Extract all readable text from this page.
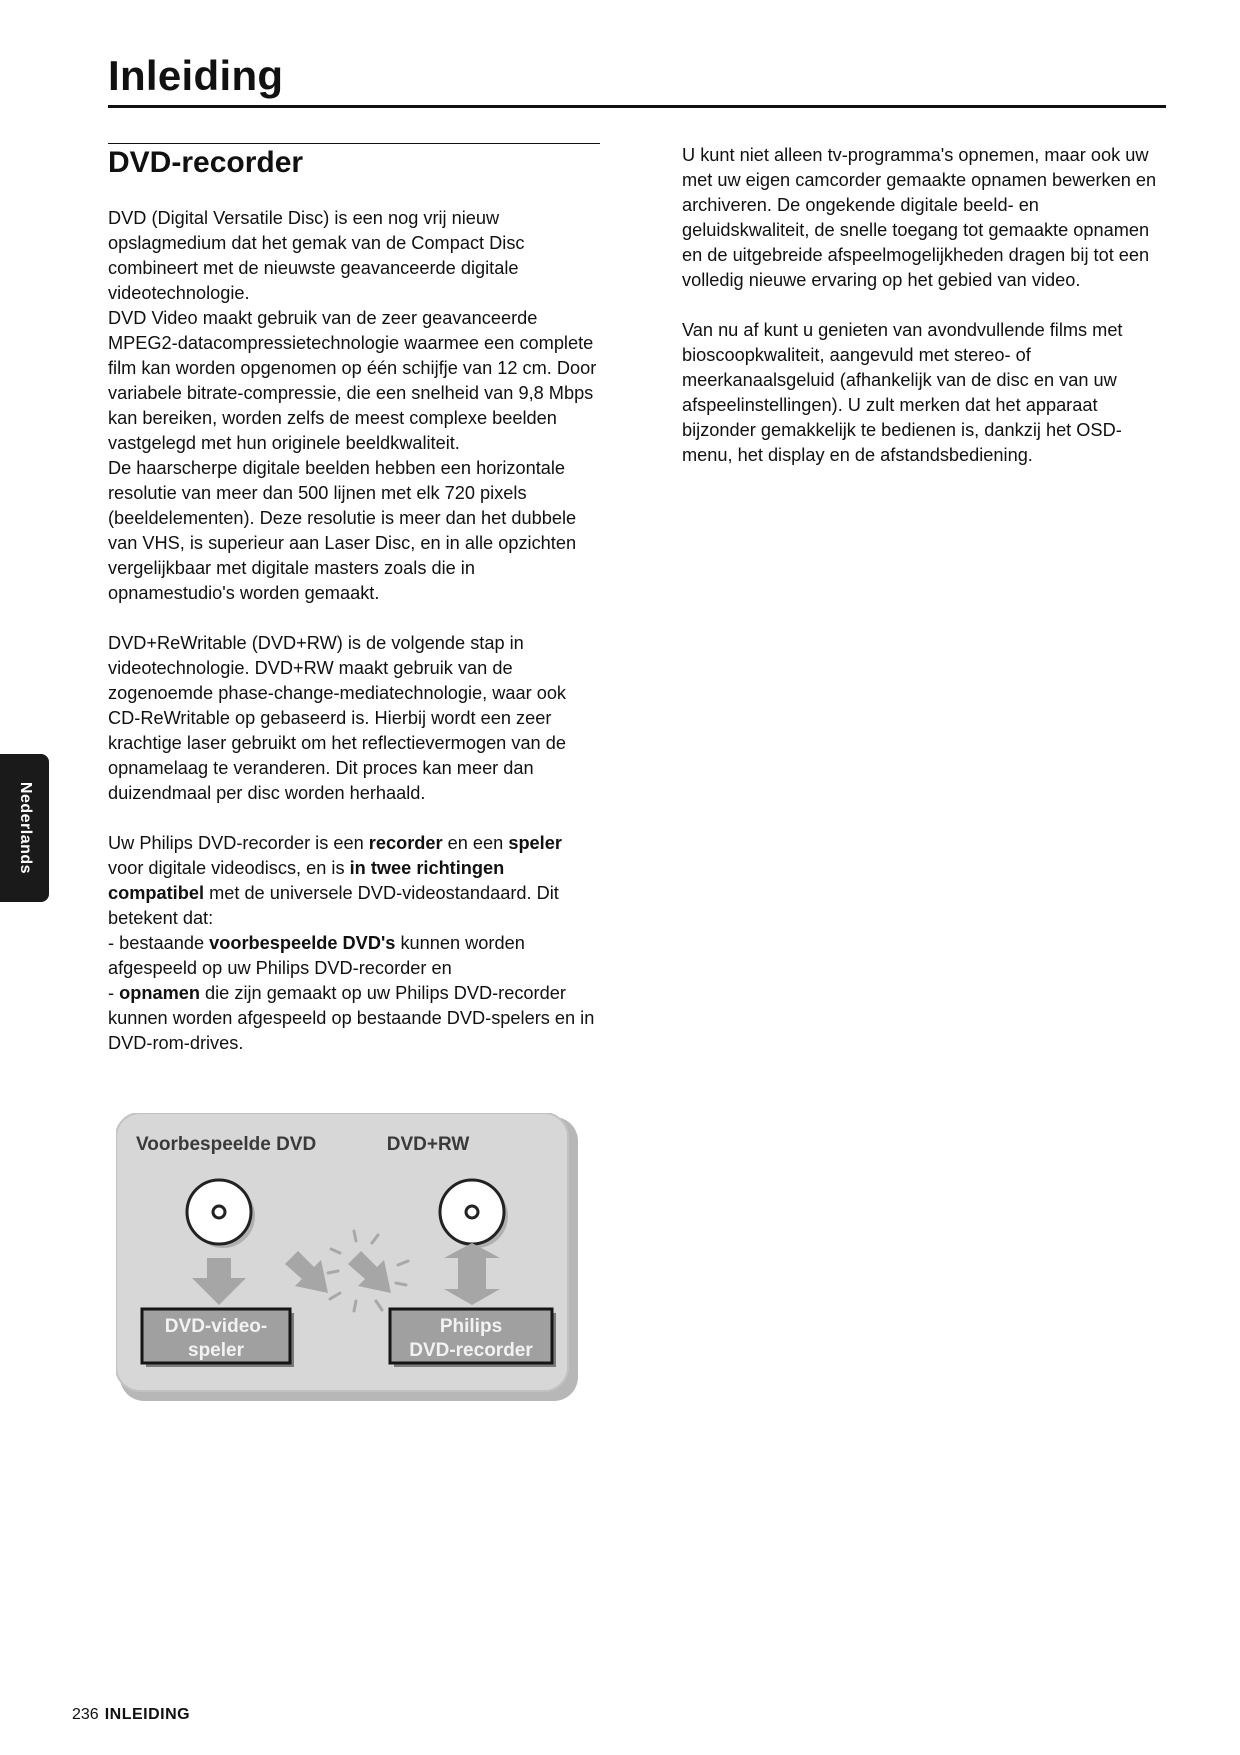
Inleiding
Nederlands
DVD-recorder

DVD (Digital Versatile Disc) is een nog vrij nieuw opslagmedium dat het gemak van de Compact Disc combineert met de nieuwste geavanceerde digitale videotechnologie.

DVD Video maakt gebruik van de zeer geavanceerde MPEG2-datacompressietechnologie waarmee een complete film kan worden opgenomen op één schijfje van 12 cm. Door variabele bitrate-compressie, die een snelheid van 9,8 Mbps kan bereiken, worden zelfs de meest complexe beelden vastgelegd met hun originele beeldkwaliteit.

De haarscherpe digitale beelden hebben een horizontale resolutie van meer dan 500 lijnen met elk 720 pixels (beeldelementen). Deze resolutie is meer dan het dubbele van VHS, is superieur aan Laser Disc, en in alle opzichten vergelijkbaar met digitale masters zoals die in opnamestudio's worden gemaakt.

DVD+ReWritable (DVD+RW) is de volgende stap in videotechnologie. DVD+RW maakt gebruik van de zogenoemde phase-change-mediatechnologie, waar ook CD-ReWritable op gebaseerd is. Hierbij wordt een zeer krachtige laser gebruikt om het reflectievermogen van de opnamelaag te veranderen. Dit proces kan meer dan duizendmaal per disc worden herhaald.

Uw Philips DVD-recorder is een recorder en een speler voor digitale videodiscs, en is in twee richtingen compatibel met de universele DVD-videostandaard. Dit betekent dat:

- bestaande voorbespeelde DVD's kunnen worden afgespeeld op uw Philips DVD-recorder en

- opnamen die zijn gemaakt op uw Philips DVD-recorder kunnen worden afgespeeld op bestaande DVD-spelers en in DVD-rom-drives.

U kunt niet alleen tv-programma's opnemen, maar ook uw met uw eigen camcorder gemaakte opnamen bewerken en archiveren. De ongekende digitale beeld- en geluidskwaliteit, de snelle toegang tot gemaakte opnamen en de uitgebreide afspeelmogelijkheden dragen bij tot een volledig nieuwe ervaring op het gebied van video.

Van nu af kunt u genieten van avondvullende films met bioscoopkwaliteit, aangevuld met stereo- of meerkanaalsgeluid (afhankelijk van de disc en van uw afspeelinstellingen). U zult merken dat het apparaat bijzonder gemakkelijk te bedienen is, dankzij het OSD-menu, het display en de afstandsbediening.

Voorbespeelde DVD	DVD+RW
DVD-video-
speler
Philips
DVD-recorder
236 INLEIDING
